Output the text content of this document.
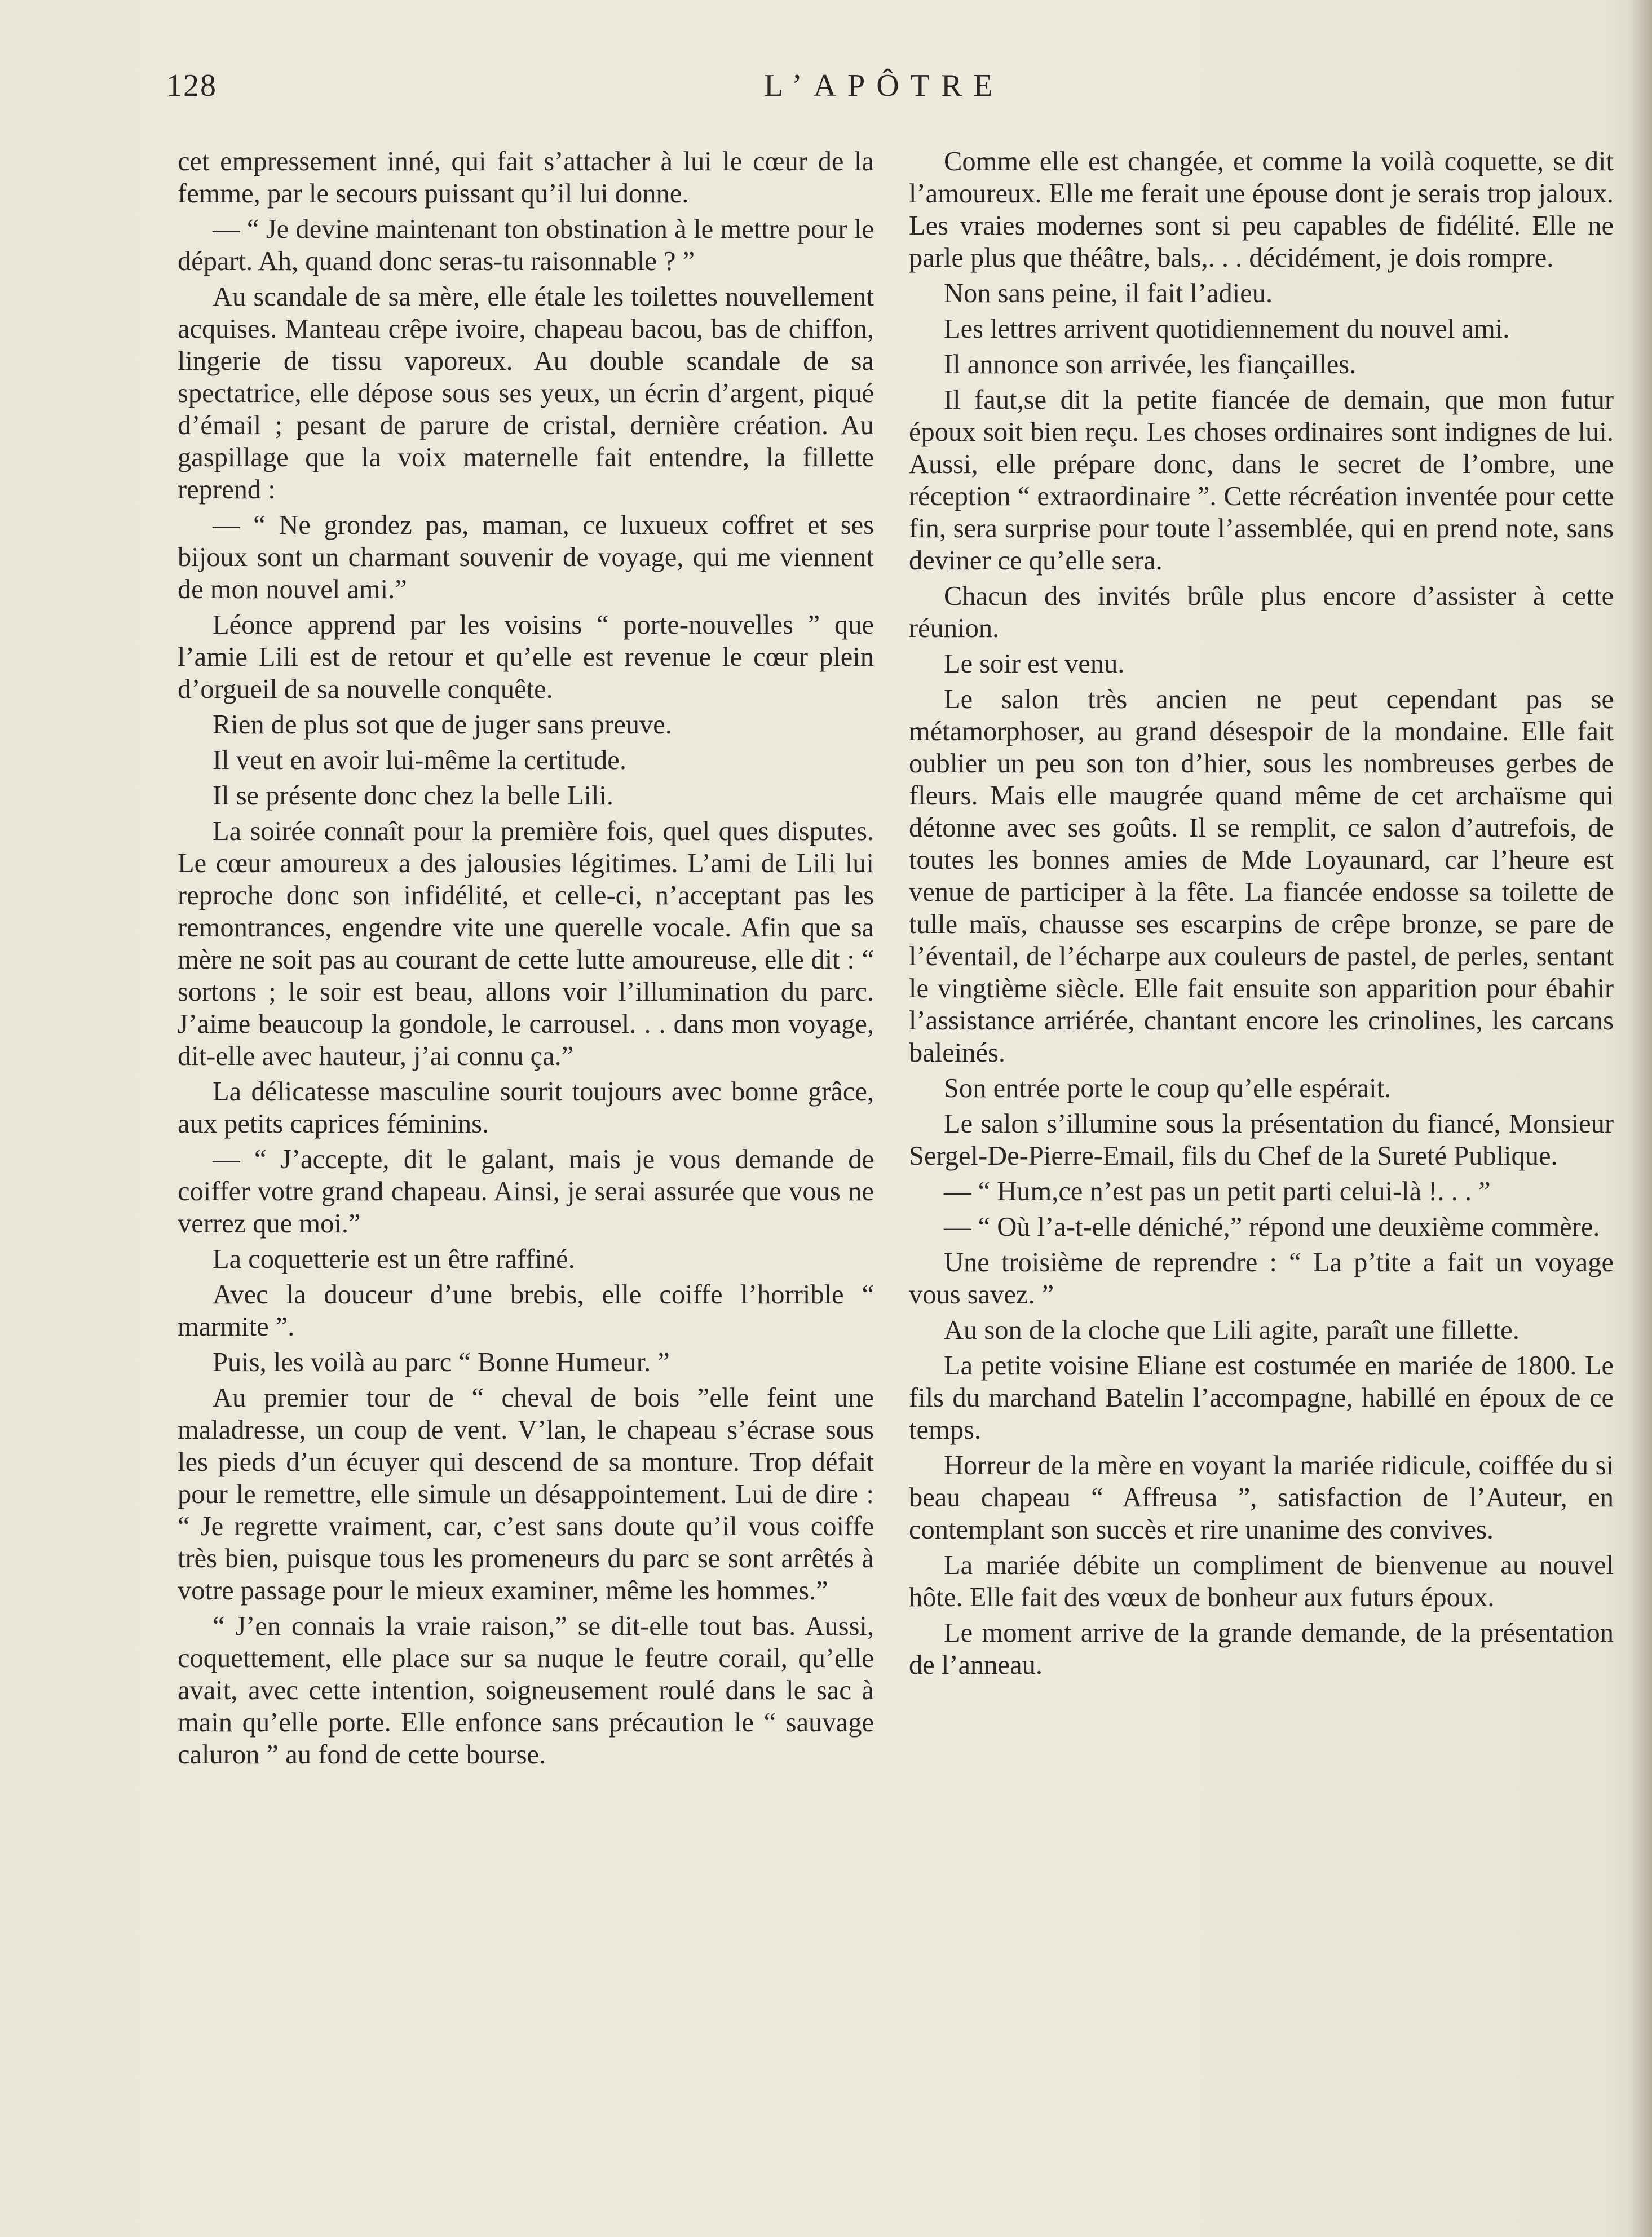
128	L’APÔTRE

cet empressement inné, qui fait s’attacher à lui le cœur de la femme, par le secours puissant qu’il lui donne.

— “ Je devine maintenant ton obstination à le mettre pour le départ. Ah, quand donc seras-tu raisonnable ? ”

Au scandale de sa mère, elle étale les toilettes nouvellement acquises. Manteau crêpe ivoire, chapeau bacou, bas de chiffon, lingerie de tissu vaporeux. Au double scandale de sa spectatrice, elle dépose sous ses yeux, un écrin d’argent, piqué d’émail ; pesant de parure de cristal, dernière création. Au gaspillage que la voix maternelle fait entendre, la fillette reprend :

— “ Ne grondez pas, maman, ce luxueux coffret et ses bijoux sont un charmant souvenir de voyage, qui me viennent de mon nouvel ami.”

Léonce apprend par les voisins “ porte-nouvelles ” que l’amie Lili est de retour et qu’elle est revenue le cœur plein d’orgueil de sa nouvelle conquête.

Rien de plus sot que de juger sans preuve.

Il veut en avoir lui-même la certitude.

Il se présente donc chez la belle Lili.

La soirée connaît pour la première fois, quel ques disputes. Le cœur amoureux a des jalousies légitimes. L’ami de Lili lui reproche donc son infidélité, et celle-ci, n’acceptant pas les remontrances, engendre vite une querelle vocale. Afin que sa mère ne soit pas au courant de cette lutte amoureuse, elle dit : “ sortons ; le soir est beau, allons voir l’illumination du parc. J’aime beaucoup la gondole, le carrousel. . . dans mon voyage, dit-elle avec hauteur, j’ai connu ça.”

La délicatesse masculine sourit toujours avec bonne grâce, aux petits caprices féminins.

— “ J’accepte, dit le galant, mais je vous demande de coiffer votre grand chapeau. Ainsi, je serai assurée que vous ne verrez que moi.”

La coquetterie est un être raffiné.

Avec la douceur d’une brebis, elle coiffe l’horrible “ marmite ”.

Puis, les voilà au parc “ Bonne Humeur. ”

Au premier tour de “ cheval de bois ”elle feint une maladresse, un coup de vent. V’lan, le chapeau s’écrase sous les pieds d’un écuyer qui descend de sa monture. Trop défait pour le remettre, elle simule un désappointement. Lui de dire : “ Je regrette vraiment, car, c’est sans doute qu’il vous coiffe très bien, puisque tous les promeneurs du parc se sont arrêtés à votre passage pour le mieux examiner, même les hommes.”

“ J’en connais la vraie raison,” se dit-elle tout bas. Aussi, coquettement, elle place sur sa nuque le feutre corail, qu’elle avait, avec cette intention, soigneusement roulé dans le sac à main qu’elle porte. Elle enfonce sans précaution le “ sauvage caluron ” au fond de cette bourse.

Comme elle est changée, et comme la voilà coquette, se dit l’amoureux. Elle me ferait une épouse dont je serais trop jaloux. Les vraies modernes sont si peu capables de fidélité. Elle ne parle plus que théâtre, bals,. . . décidément, je dois rompre.

Non sans peine, il fait l’adieu.

Les lettres arrivent quotidiennement du nouvel ami.

Il annonce son arrivée, les fiançailles.

Il faut,se dit la petite fiancée de demain, que mon futur époux soit bien reçu. Les choses ordinaires sont indignes de lui. Aussi, elle prépare donc, dans le secret de l’ombre, une réception “ extraordinaire ”. Cette récréation inventée pour cette fin, sera surprise pour toute l’assemblée, qui en prend note, sans deviner ce qu’elle sera.

Chacun des invités brûle plus encore d’assister à cette réunion.

Le soir est venu.

Le salon très ancien ne peut cependant pas se métamorphoser, au grand désespoir de la mondaine. Elle fait oublier un peu son ton d’hier, sous les nombreuses gerbes de fleurs. Mais elle maugrée quand même de cet archaïsme qui détonne avec ses goûts. Il se remplit, ce salon d’autrefois, de toutes les bonnes amies de Mde Loyaunard, car l’heure est venue de participer à la fête. La fiancée endosse sa toilette de tulle maïs, chausse ses escarpins de crêpe bronze, se pare de l’éventail, de l’écharpe aux couleurs de pastel, de perles, sentant le vingtième siècle. Elle fait ensuite son apparition pour ébahir l’assistance arriérée, chantant encore les crinolines, les carcans baleinés.

Son entrée porte le coup qu’elle espérait.

Le salon s’illumine sous la présentation du fiancé, Monsieur Sergel-De-Pierre-Email, fils du Chef de la Sureté Publique.

— “ Hum,ce n’est pas un petit parti celui-là !. . . ”

— “ Où l’a-t-elle déniché,” répond une deuxième commère.

Une troisième de reprendre : “ La p’tite a fait un voyage vous savez. ”

Au son de la cloche que Lili agite, paraît une fillette.

La petite voisine Eliane est costumée en mariée de 1800. Le fils du marchand Batelin l’accompagne, habillé en époux de ce temps.

Horreur de la mère en voyant la mariée ridicule, coiffée du si beau chapeau “ Affreusa ”, satisfaction de l’Auteur, en contemplant son succès et rire unanime des convives.

La mariée débite un compliment de bienvenue au nouvel hôte. Elle fait des vœux de bonheur aux futurs époux.

Le moment arrive de la grande demande, de la présentation de l’anneau.
